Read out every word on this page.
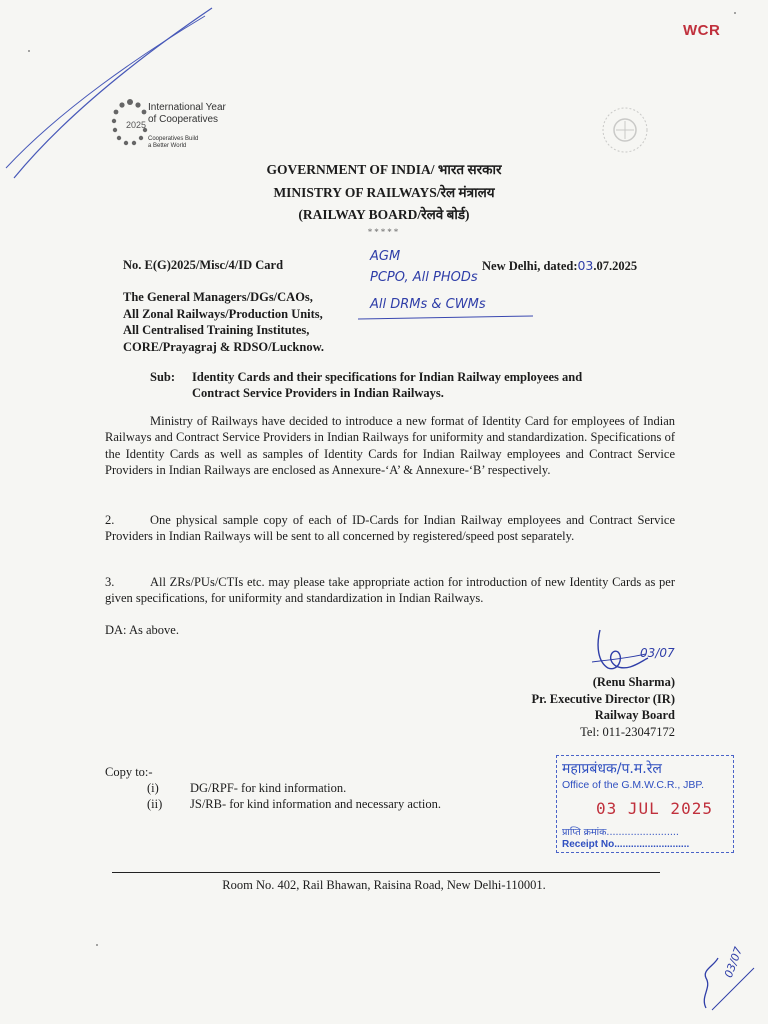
WCR
2025
International Year
of Cooperatives
Cooperatives Build
a Better World
GOVERNMENT OF INDIA/ भारत सरकार
MINISTRY OF RAILWAYS/रेल मंत्रालय
(RAILWAY BOARD/रेलवे बोर्ड)
*****
No. E(G)2025/Misc/4/ID Card	New Delhi, dated:03.07.2025
AGM
PCPO, All PHODs
All DRMs & CWMs
The General Managers/DGs/CAOs,
All Zonal Railways/Production Units,
All Centralised Training Institutes,
CORE/Prayagraj & RDSO/Lucknow.
Sub: Identity Cards and their specifications for Indian Railway employees and
Contract Service Providers in Indian Railways.
Ministry of Railways have decided to introduce a new format of Identity Card for employees of Indian Railways and Contract Service Providers in Indian Railways for uniformity and standardization. Specifications of the Identity Cards as well as samples of Identity Cards for Indian Railway employees and Contract Service Providers in Indian Railways are enclosed as Annexure-‘A’ & Annexure-‘B’ respectively.
2.	One physical sample copy of each of ID-Cards for Indian Railway employees and Contract Service Providers in Indian Railways will be sent to all concerned by registered/speed post separately.
3.	All ZRs/PUs/CTIs etc. may please take appropriate action for introduction of new Identity Cards as per given specifications, for uniformity and standardization in Indian Railways.
DA: As above.
03/07
(Renu Sharma)
Pr. Executive Director (IR)
Railway Board
Tel: 011-23047172
Copy to:-
(i)	DG/RPF- for kind information.
(ii)	JS/RB- for kind information and necessary action.
महाप्रबंधक/प.म.रेल
Office of the G.M.W.C.R., JBP.
03 JUL 2025
प्राप्ति क्रमांक........................
Receipt No...........................
Room No. 402, Rail Bhawan, Raisina Road, New Delhi-110001.
03/07
